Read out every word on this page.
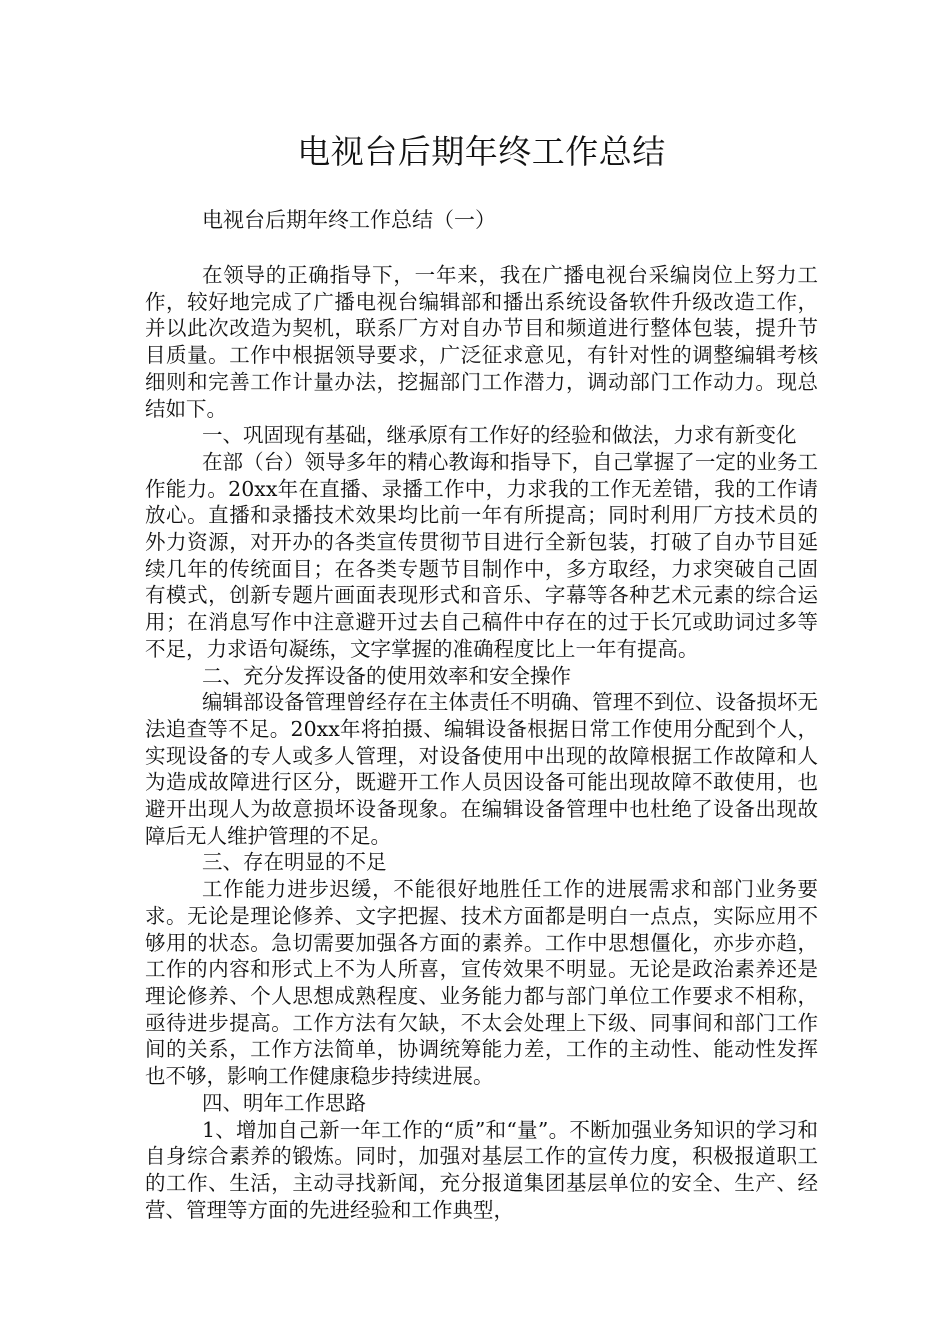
电视台后期年终工作总结

电视台后期年终工作总结（一）

在领导的正确指导下，一年来，我在广播电视台采编岗位上努力工作，较好地完成了广播电视台编辑部和播出系统设备软件升级改造工作，并以此次改造为契机，联系厂方对自办节目和频道进行整体包装，提升节目质量。工作中根据领导要求，广泛征求意见，有针对性的调整编辑考核细则和完善工作计量办法，挖掘部门工作潜力，调动部门工作动力。现总结如下。

一、巩固现有基础，继承原有工作好的经验和做法，力求有新变化

在部（台）领导多年的精心教诲和指导下，自己掌握了一定的业务工作能力。20xx年在直播、录播工作中，力求我的工作无差错，我的工作请放心。直播和录播技术效果均比前一年有所提高；同时利用厂方技术员的外力资源，对开办的各类宣传贯彻节目进行全新包装，打破了自办节目延续几年的传统面目；在各类专题节目制作中，多方取经，力求突破自己固有模式，创新专题片画面表现形式和音乐、字幕等各种艺术元素的综合运用；在消息写作中注意避开过去自己稿件中存在的过于长冗或助词过多等不足，力求语句凝练，文字掌握的准确程度比上一年有提高。

二、充分发挥设备的使用效率和安全操作

编辑部设备管理曾经存在主体责任不明确、管理不到位、设备损坏无法追查等不足。20xx年将拍摄、编辑设备根据日常工作使用分配到个人，实现设备的专人或多人管理，对设备使用中出现的故障根据工作故障和人为造成故障进行区分，既避开工作人员因设备可能出现故障不敢使用，也避开出现人为故意损坏设备现象。在编辑设备管理中也杜绝了设备出现故障后无人维护管理的不足。

三、存在明显的不足

工作能力进步迟缓，不能很好地胜任工作的进展需求和部门业务要求。无论是理论修养、文字把握、技术方面都是明白一点点，实际应用不够用的状态。急切需要加强各方面的素养。工作中思想僵化，亦步亦趋，工作的内容和形式上不为人所喜，宣传效果不明显。无论是政治素养还是理论修养、个人思想成熟程度、业务能力都与部门单位工作要求不相称，亟待进步提高。工作方法有欠缺，不太会处理上下级、同事间和部门工作间的关系，工作方法简单，协调统筹能力差，工作的主动性、能动性发挥也不够，影响工作健康稳步持续进展。

四、明年工作思路

1、增加自己新一年工作的“质”和“量”。不断加强业务知识的学习和自身综合素养的锻炼。同时，加强对基层工作的宣传力度，积极报道职工的工作、生活，主动寻找新闻，充分报道集团基层单位的安全、生产、经营、管理等方面的先进经验和工作典型，
